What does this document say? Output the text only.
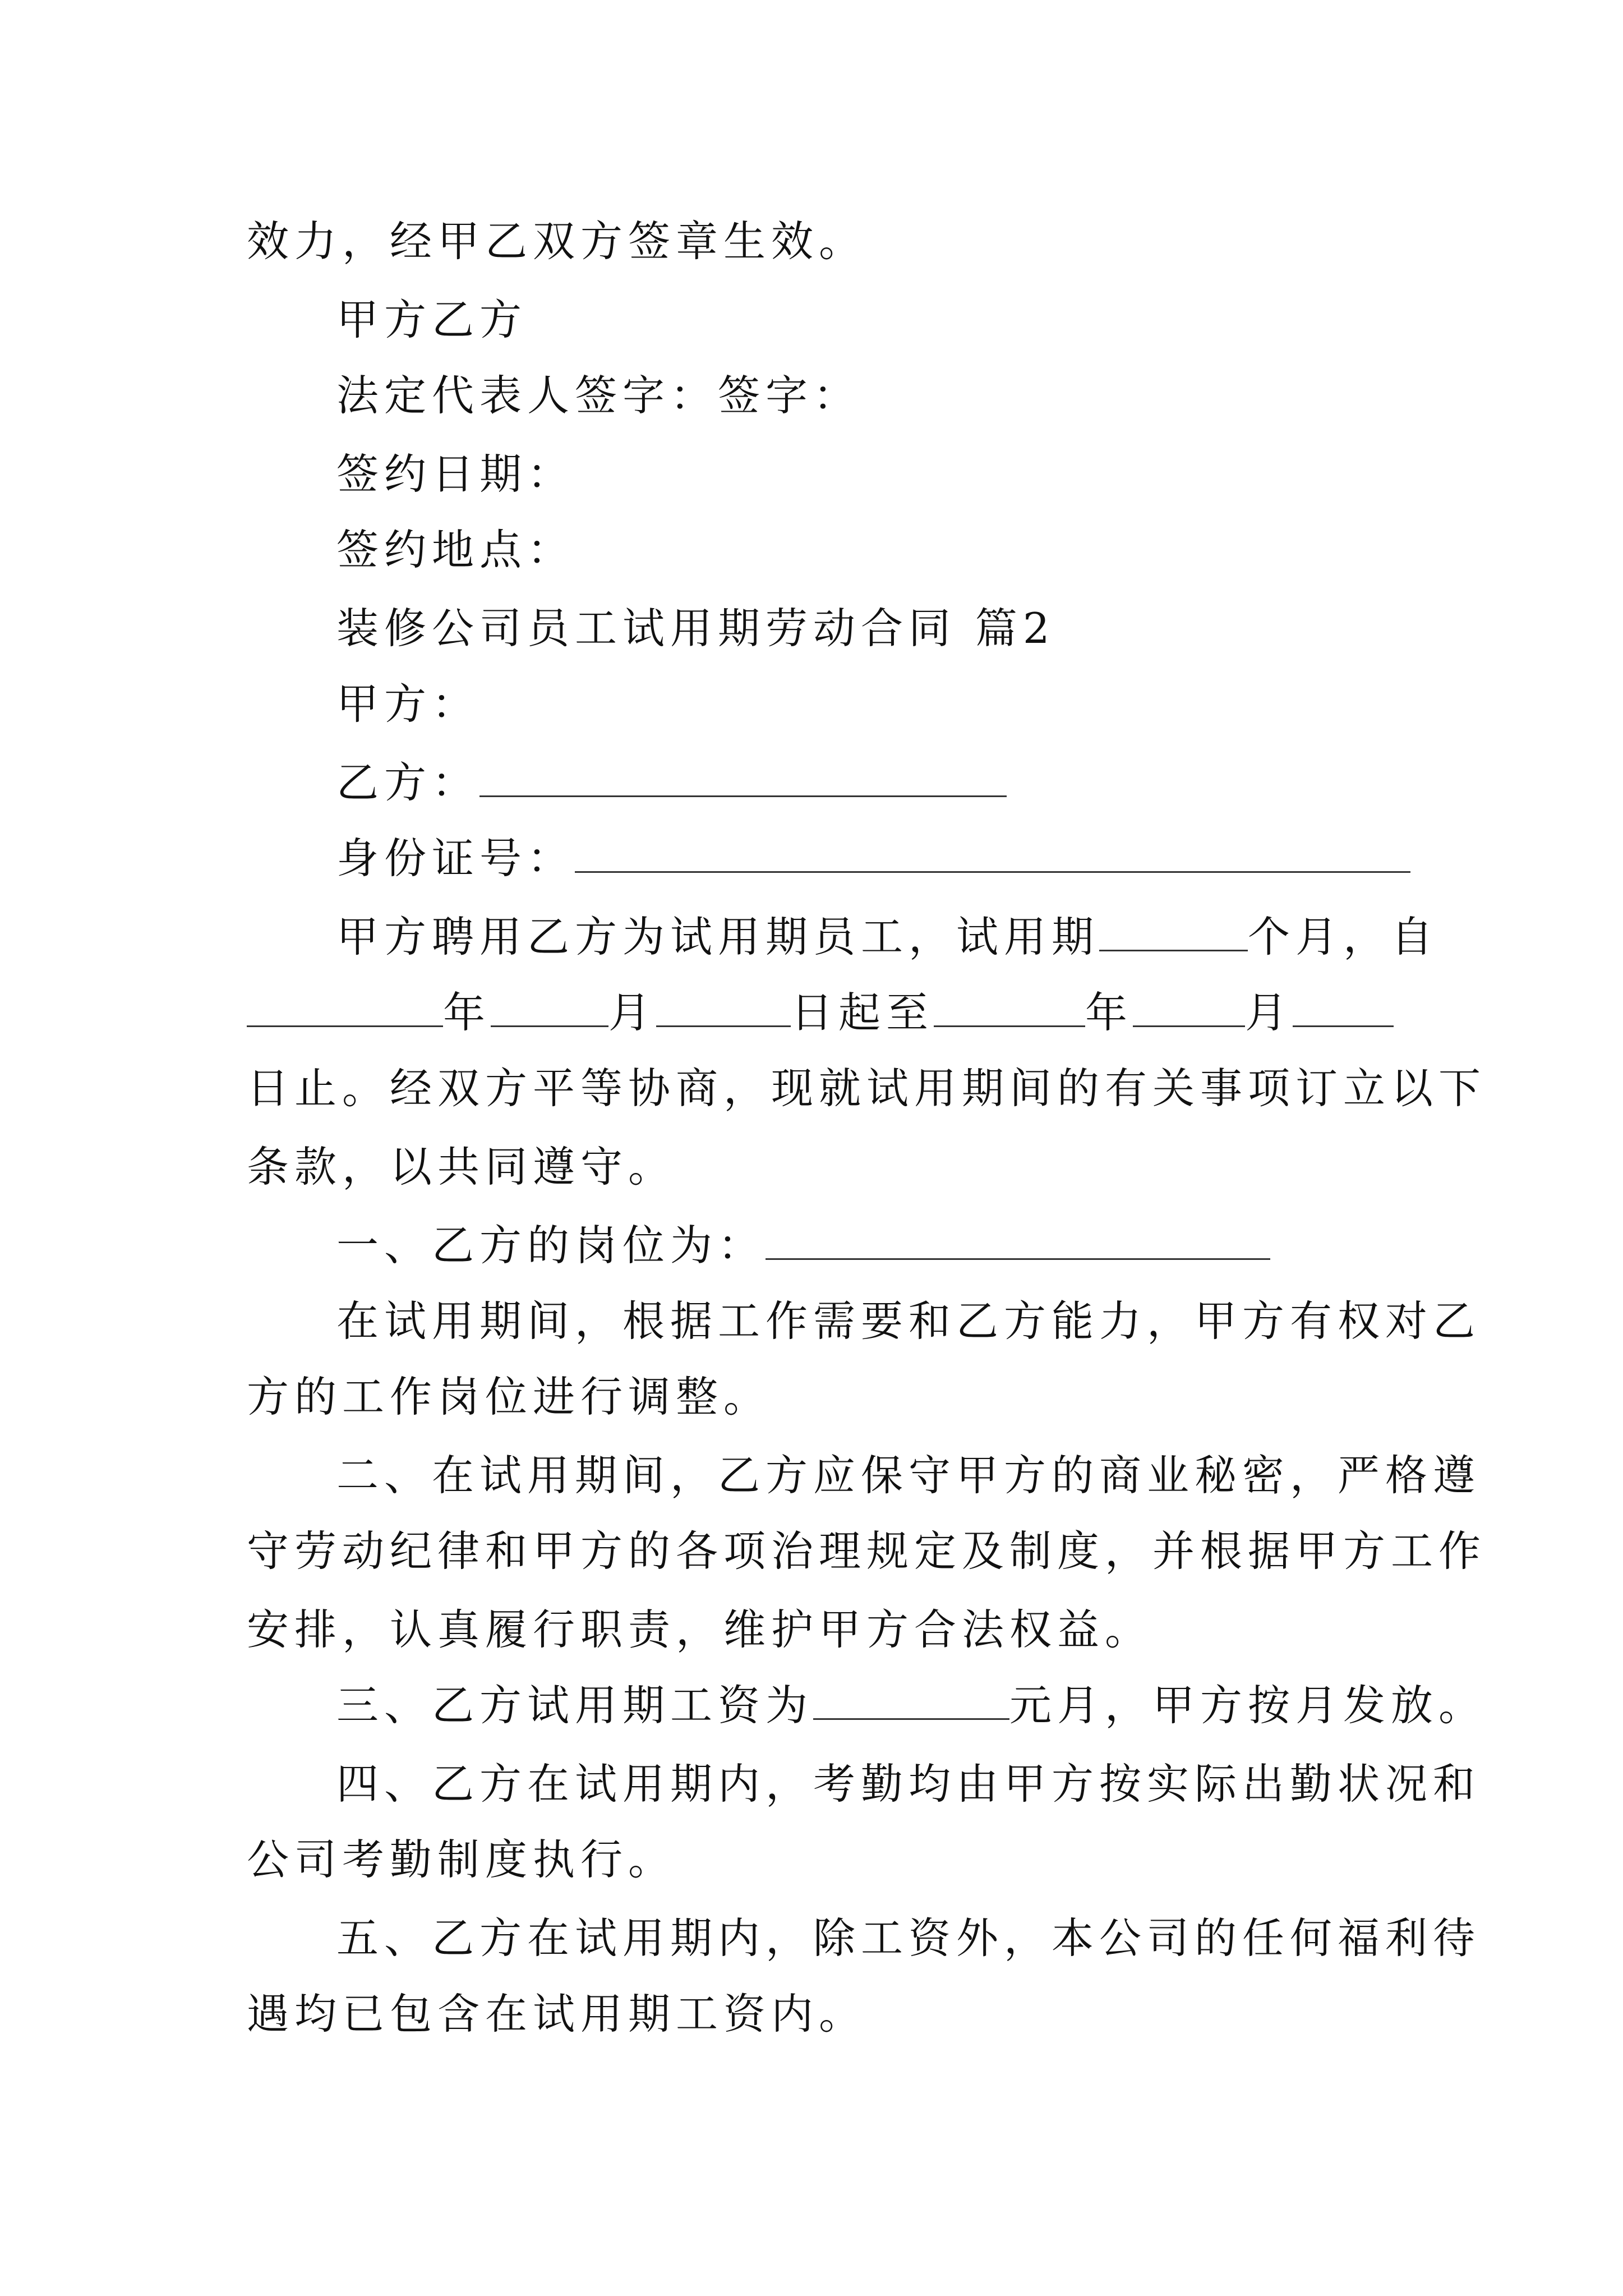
效力，经甲乙双方签章生效。
甲方乙方
法定代表人签字：签字：
签约日期：
签约地点：
装修公司员工试用期劳动合同 篇2
甲方：
乙方：
身份证号：
甲方聘用乙方为试用期员工，试用期	个月，自
年	月	日起至	年	月
日止。经双方平等协商，现就试用期间的有关事项订立以下
条款，以共同遵守。
一、乙方的岗位为：
在试用期间，根据工作需要和乙方能力，甲方有权对乙
方的工作岗位进行调整。
二、在试用期间，乙方应保守甲方的商业秘密，严格遵
守劳动纪律和甲方的各项治理规定及制度，并根据甲方工作
安排，认真履行职责，维护甲方合法权益。
三、乙方试用期工资为	元月，甲方按月发放。
四、乙方在试用期内，考勤均由甲方按实际出勤状况和
公司考勤制度执行。
五、乙方在试用期内，除工资外，本公司的任何福利待
遇均已包含在试用期工资内。
